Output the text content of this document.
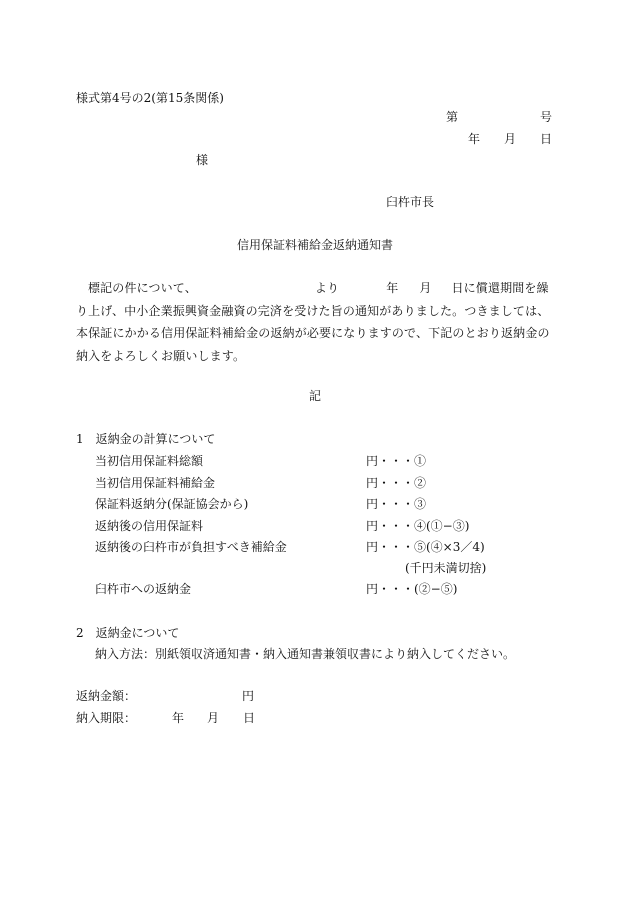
様式第4号の2(第15条関係)
第	号
年 月 日
様
臼杵市長
信用保証料補給金返納通知書
標記の件について、	より	年 月 日に償還期間を繰り上げ、中小企業振興資金融資の完済を受けた旨の通知がありました。つきましては、本保証にかかる信用保証料補給金の返納が必要になりますので、下記のとおり返納金の納入をよろしくお願いします。
記
1　返納金の計算について
当初信用保証料総額	円・・・①
当初信用保証料補給金	円・・・②
保証料返納分(保証協会から)	円・・・③
返納後の信用保証料	円・・・④(①−③)
返納後の臼杵市が負担すべき補給金	円・・・⑤(④×3／4)
(千円未満切捨)
臼杵市への返納金	円・・・(②−⑤)
2　返納金について
納入方法：別紙領収済通知書・納入通知書兼領収書により納入してください。
返納金額：	円
納入期限：	年 月 日
